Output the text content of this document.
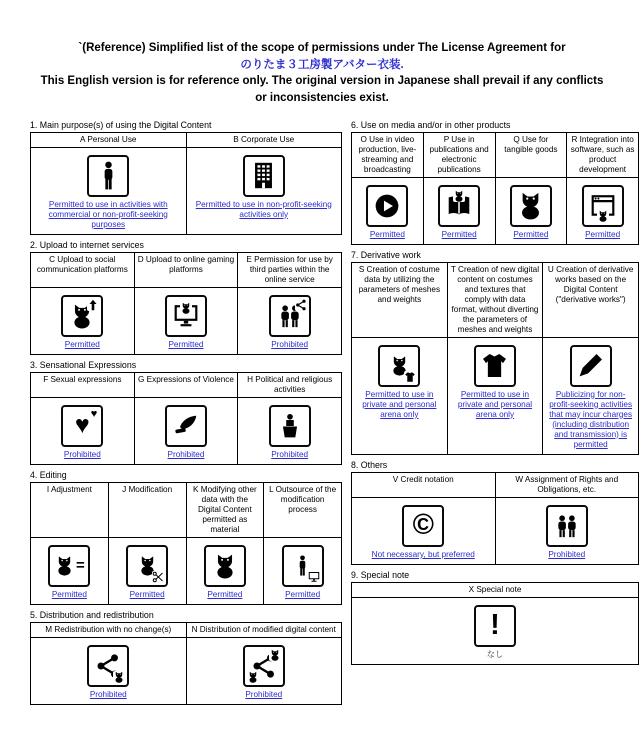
`(Reference) Simplified list of the scope of permissions under The License Agreement for
のりたま３工房製アバター衣装.
This English version is for reference only. The original version in Japanese shall prevail if any conflicts or inconsistencies exist.
1. Main purpose(s) of using the Digital Content
A Personal Use	B Corporate Use

Permitted to use in activities with commercial or non-profit-seeking purposes	Permitted to use in non-profit-seeking activities only
2. Upload to internet services
C Upload to social communication platforms	D Upload to online gaming platforms	E Permission for use by third parties within the online service

Permitted	Permitted	Prohibited
3. Sensational Expressions
F Sexual expressions	G Expressions of Violence	H Political and religious activities

♥ ♥
Prohibited	Prohibited	Prohibited
4. Editing
I Adjustment	J Modification	K Modifying other data with the Digital Content permitted as material	L Outsource of the modification process

=
Permitted	Permitted	Permitted	Permitted
5. Distribution and redistribution
M Redistribution with no change(s)	N Distribution of modified digital content

Prohibited	Prohibited
6. Use on media and/or in other products
O Use in video production, live-streaming and broadcasting	P Use in publications and electronic publications	Q Use for tangible goods	R Integration into software, such as product development

Permitted	Permitted	Permitted	Permitted
7. Derivative work
S Creation of costume data by utilizing the parameters of meshes and weights	T Creation of new digital content on costumes and textures that comply with data format, without diverting the parameters of meshes and weights	U Creation of derivative works based on the Digital Content ("derivative works")

Permitted to use in private and personal arena only	Permitted to use in private and personal arena only	Publicizing for non-profit-seeking activities that may incur charges (including distribution and transmission) is permitted
8. Others
V Credit notation	W Assignment of Rights and Obligations, etc.

©
Not necessary, but preferred	Prohibited
9. Special note
X Special note

!
なし
